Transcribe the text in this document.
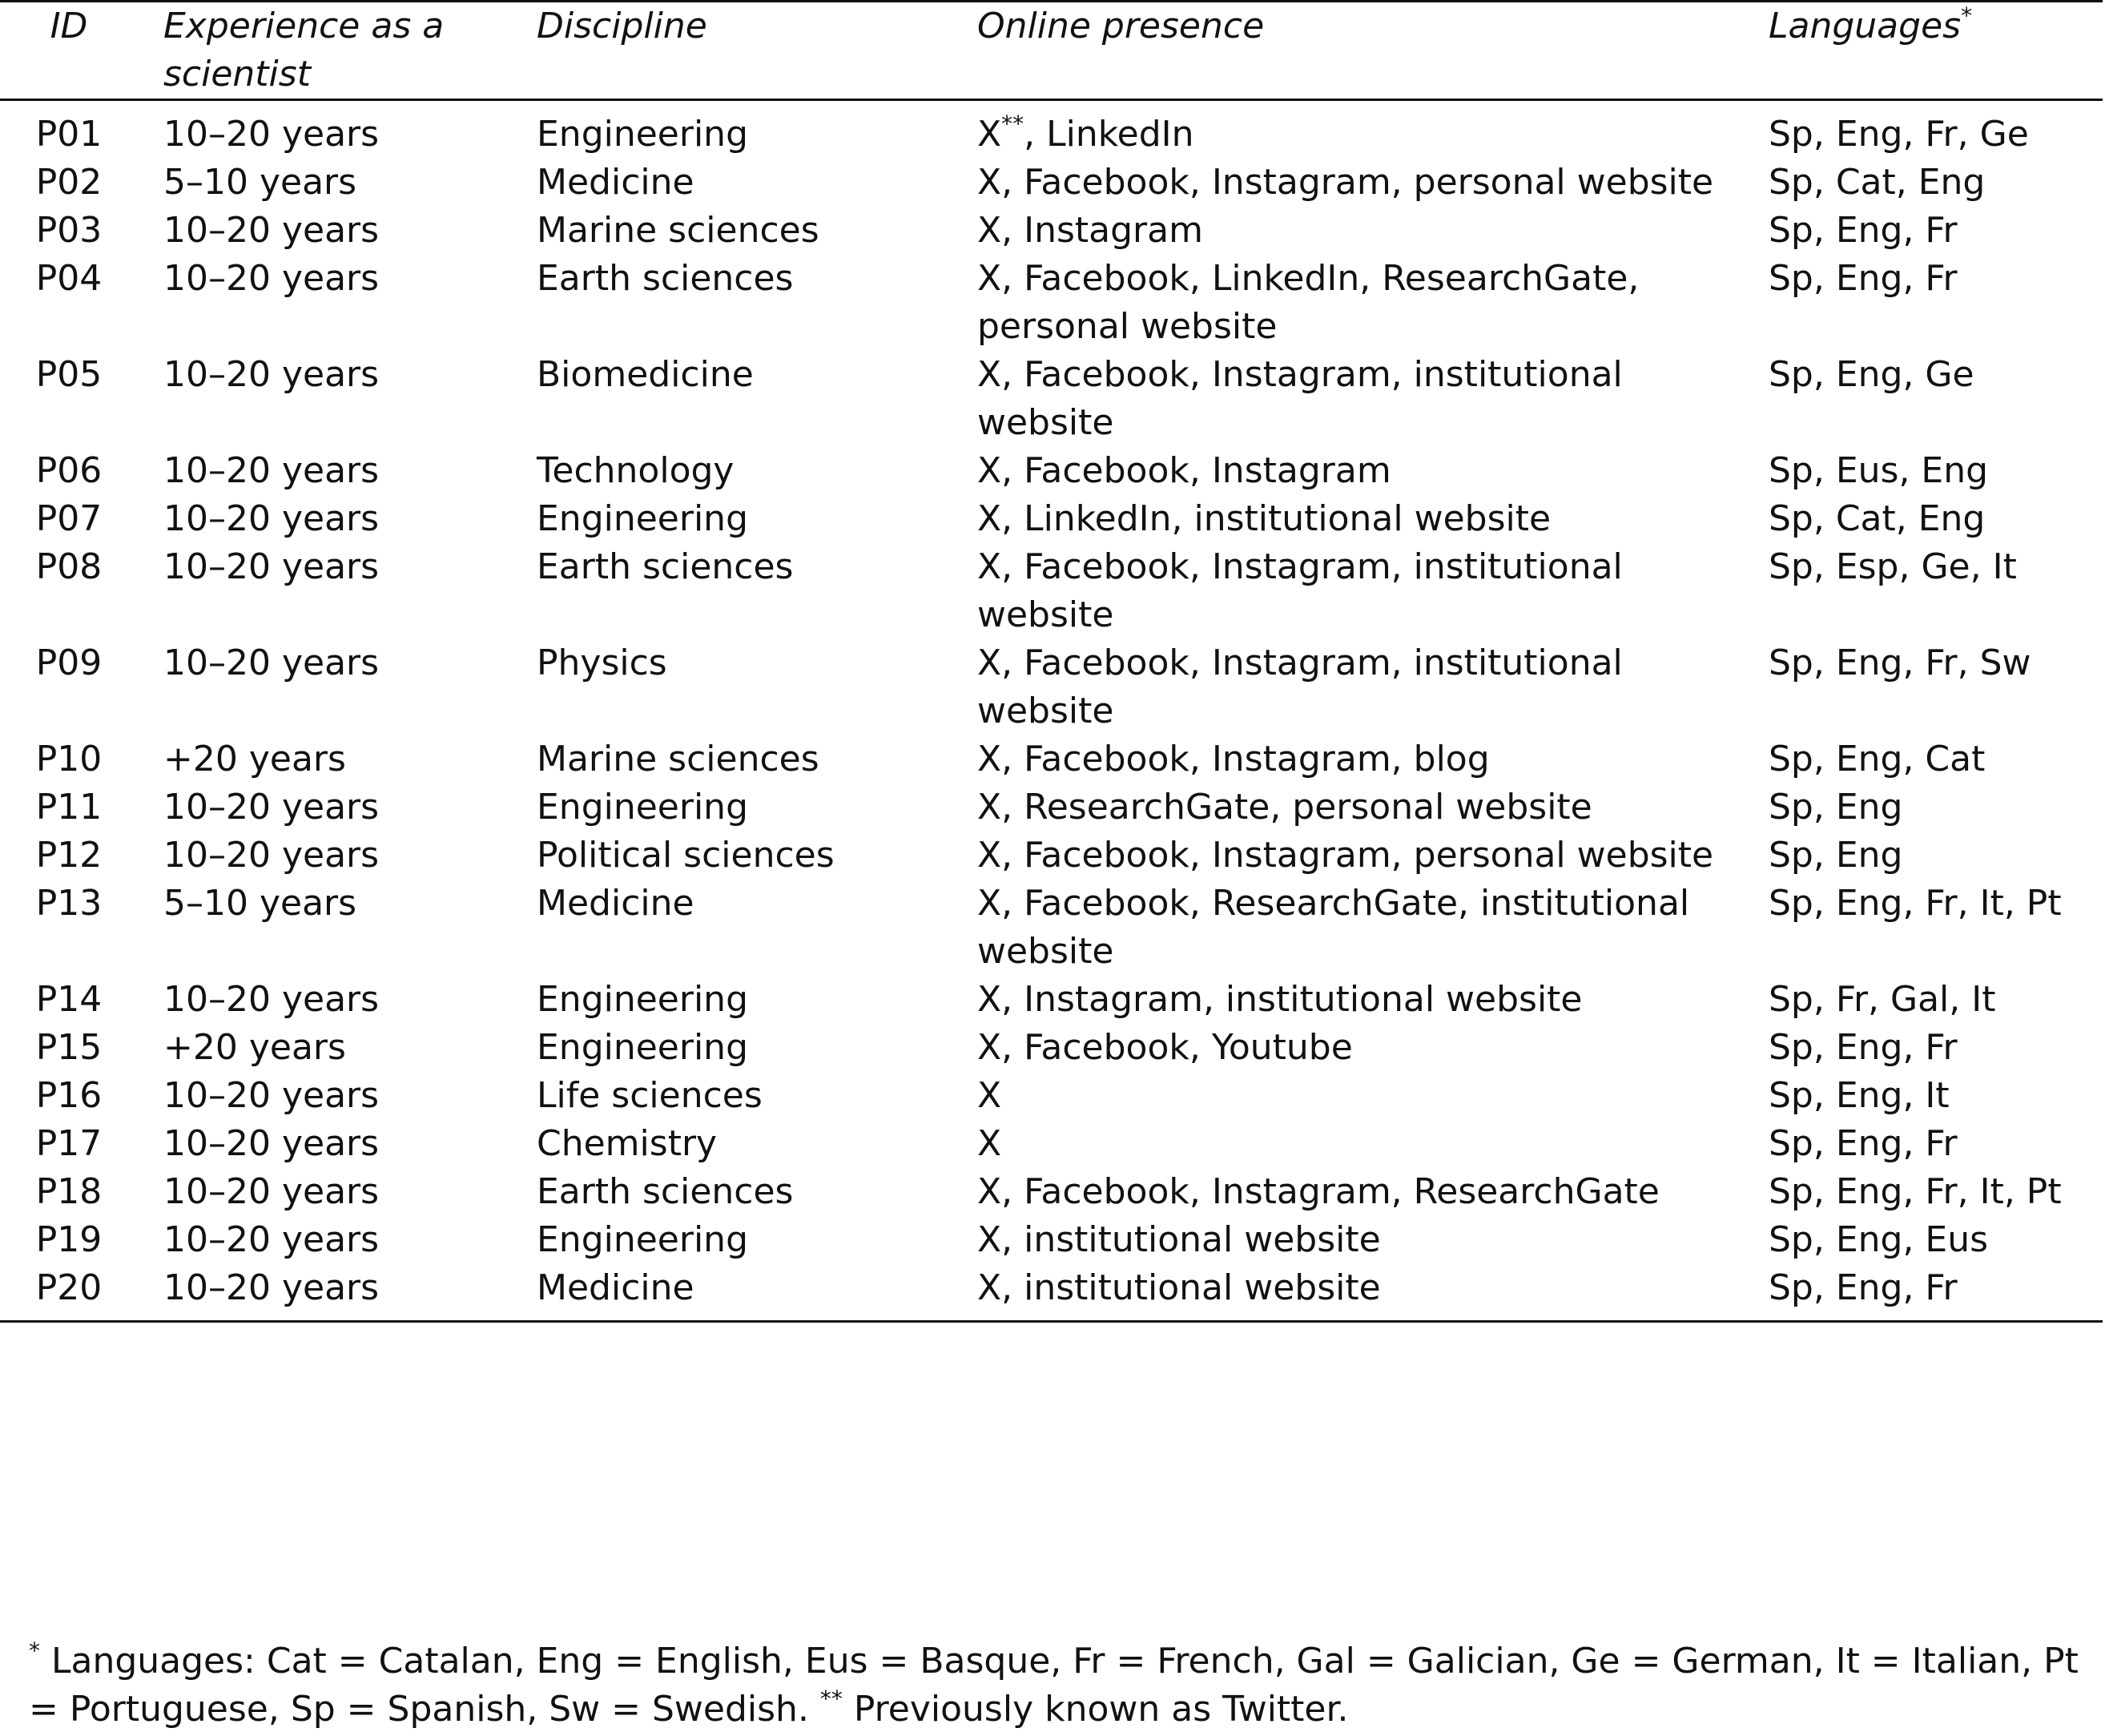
ID	Experience as a scientist	Discipline	Online presence	Languages*
P01	10–20 years	Engineering	X**, LinkedIn	Sp, Eng, Fr, Ge
P02	5–10 years	Medicine	X, Facebook, Instagram, personal website	Sp, Cat, Eng
P03	10–20 years	Marine sciences	X, Instagram	Sp, Eng, Fr
P04	10–20 years	Earth sciences	X, Facebook, LinkedIn, ResearchGate, personal website	Sp, Eng, Fr
P05	10–20 years	Biomedicine	X, Facebook, Instagram, institutional website	Sp, Eng, Ge
P06	10–20 years	Technology	X, Facebook, Instagram	Sp, Eus, Eng
P07	10–20 years	Engineering	X, LinkedIn, institutional website	Sp, Cat, Eng
P08	10–20 years	Earth sciences	X, Facebook, Instagram, institutional website	Sp, Esp, Ge, It
P09	10–20 years	Physics	X, Facebook, Instagram, institutional website	Sp, Eng, Fr, Sw
P10	+20 years	Marine sciences	X, Facebook, Instagram, blog	Sp, Eng, Cat
P11	10–20 years	Engineering	X, ResearchGate, personal website	Sp, Eng
P12	10–20 years	Political sciences	X, Facebook, Instagram, personal website	Sp, Eng
P13	5–10 years	Medicine	X, Facebook, ResearchGate, institutional website	Sp, Eng, Fr, It, Pt
P14	10–20 years	Engineering	X, Instagram, institutional website	Sp, Fr, Gal, It
P15	+20 years	Engineering	X, Facebook, Youtube	Sp, Eng, Fr
P16	10–20 years	Life sciences	X	Sp, Eng, It
P17	10–20 years	Chemistry	X	Sp, Eng, Fr
P18	10–20 years	Earth sciences	X, Facebook, Instagram, ResearchGate	Sp, Eng, Fr, It, Pt
P19	10–20 years	Engineering	X, institutional website	Sp, Eng, Eus
P20	10–20 years	Medicine	X, institutional website	Sp, Eng, Fr
* Languages: Cat = Catalan, Eng = English, Eus = Basque, Fr = French, Gal = Galician, Ge = German, It = Italian, Pt = Portuguese, Sp = Spanish, Sw = Swedish. ** Previously known as Twitter.
